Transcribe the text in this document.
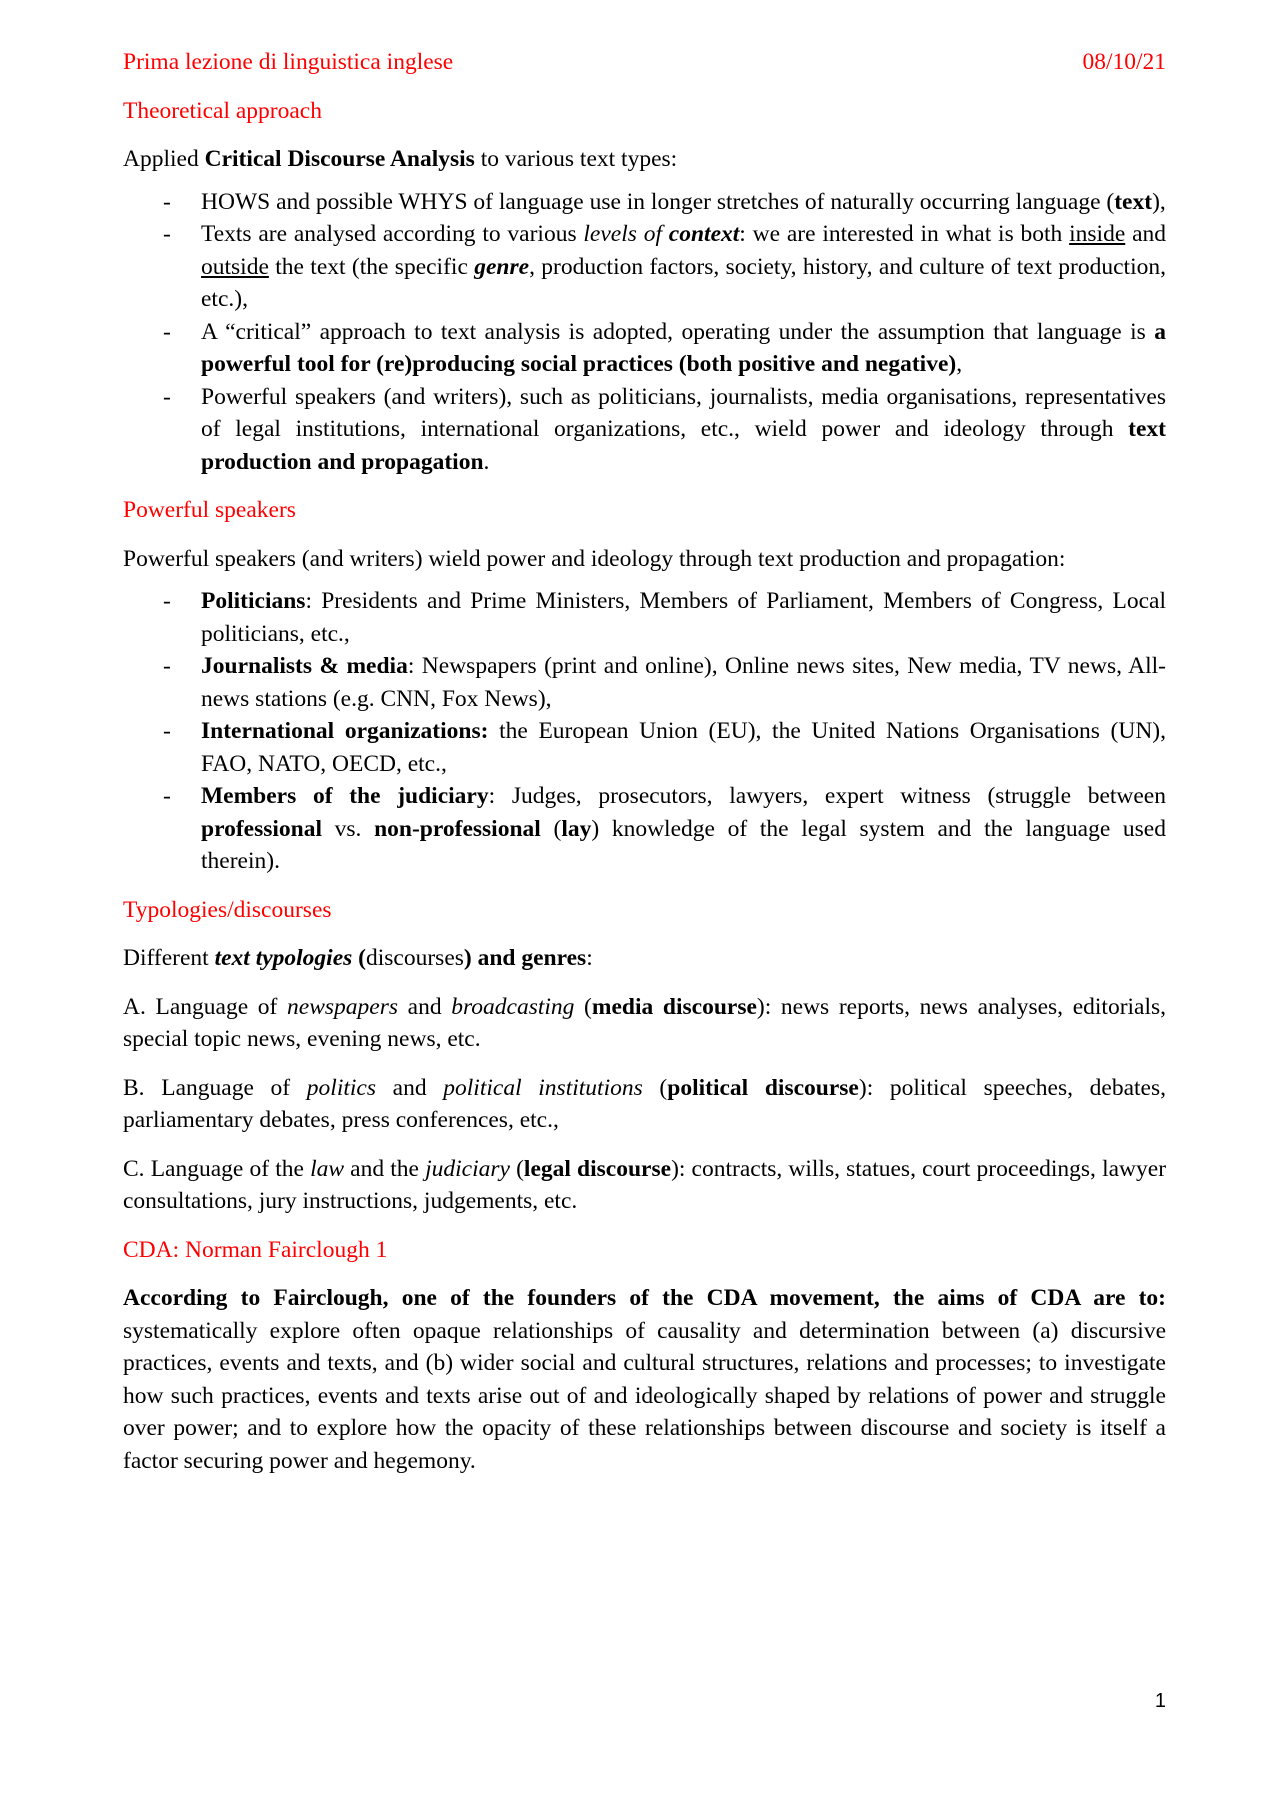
Prima lezione di linguistica inglese	08/10/21

Theoretical approach

Applied Critical Discourse Analysis to various text types:

- HOWS and possible WHYS of language use in longer stretches of naturally occurring language (text),
- Texts are analysed according to various levels of context: we are interested in what is both inside and outside the text (the specific genre, production factors, society, history, and culture of text production, etc.),
- A “critical” approach to text analysis is adopted, operating under the assumption that language is a powerful tool for (re)producing social practices (both positive and negative),
- Powerful speakers (and writers), such as politicians, journalists, media organisations, representatives of legal institutions, international organizations, etc., wield power and ideology through text production and propagation.

Powerful speakers

Powerful speakers (and writers) wield power and ideology through text production and propagation:

- Politicians: Presidents and Prime Ministers, Members of Parliament, Members of Congress, Local politicians, etc.,
- Journalists & media: Newspapers (print and online), Online news sites, New media, TV news, All-news stations (e.g. CNN, Fox News),
- International organizations: the European Union (EU), the United Nations Organisations (UN), FAO, NATO, OECD, etc.,
- Members of the judiciary: Judges, prosecutors, lawyers, expert witness (struggle between professional vs. non-professional (lay) knowledge of the legal system and the language used therein).

Typologies/discourses

Different text typologies (discourses) and genres:

A. Language of newspapers and broadcasting (media discourse): news reports, news analyses, editorials, special topic news, evening news, etc.

B. Language of politics and political institutions (political discourse): political speeches, debates, parliamentary debates, press conferences, etc.,

C. Language of the law and the judiciary (legal discourse): contracts, wills, statues, court proceedings, lawyer consultations, jury instructions, judgements, etc.

CDA: Norman Fairclough 1

According to Fairclough, one of the founders of the CDA movement, the aims of CDA are to: systematically explore often opaque relationships of causality and determination between (a) discursive practices, events and texts, and (b) wider social and cultural structures, relations and processes; to investigate how such practices, events and texts arise out of and ideologically shaped by relations of power and struggle over power; and to explore how the opacity of these relationships between discourse and society is itself a factor securing power and hegemony.

1
